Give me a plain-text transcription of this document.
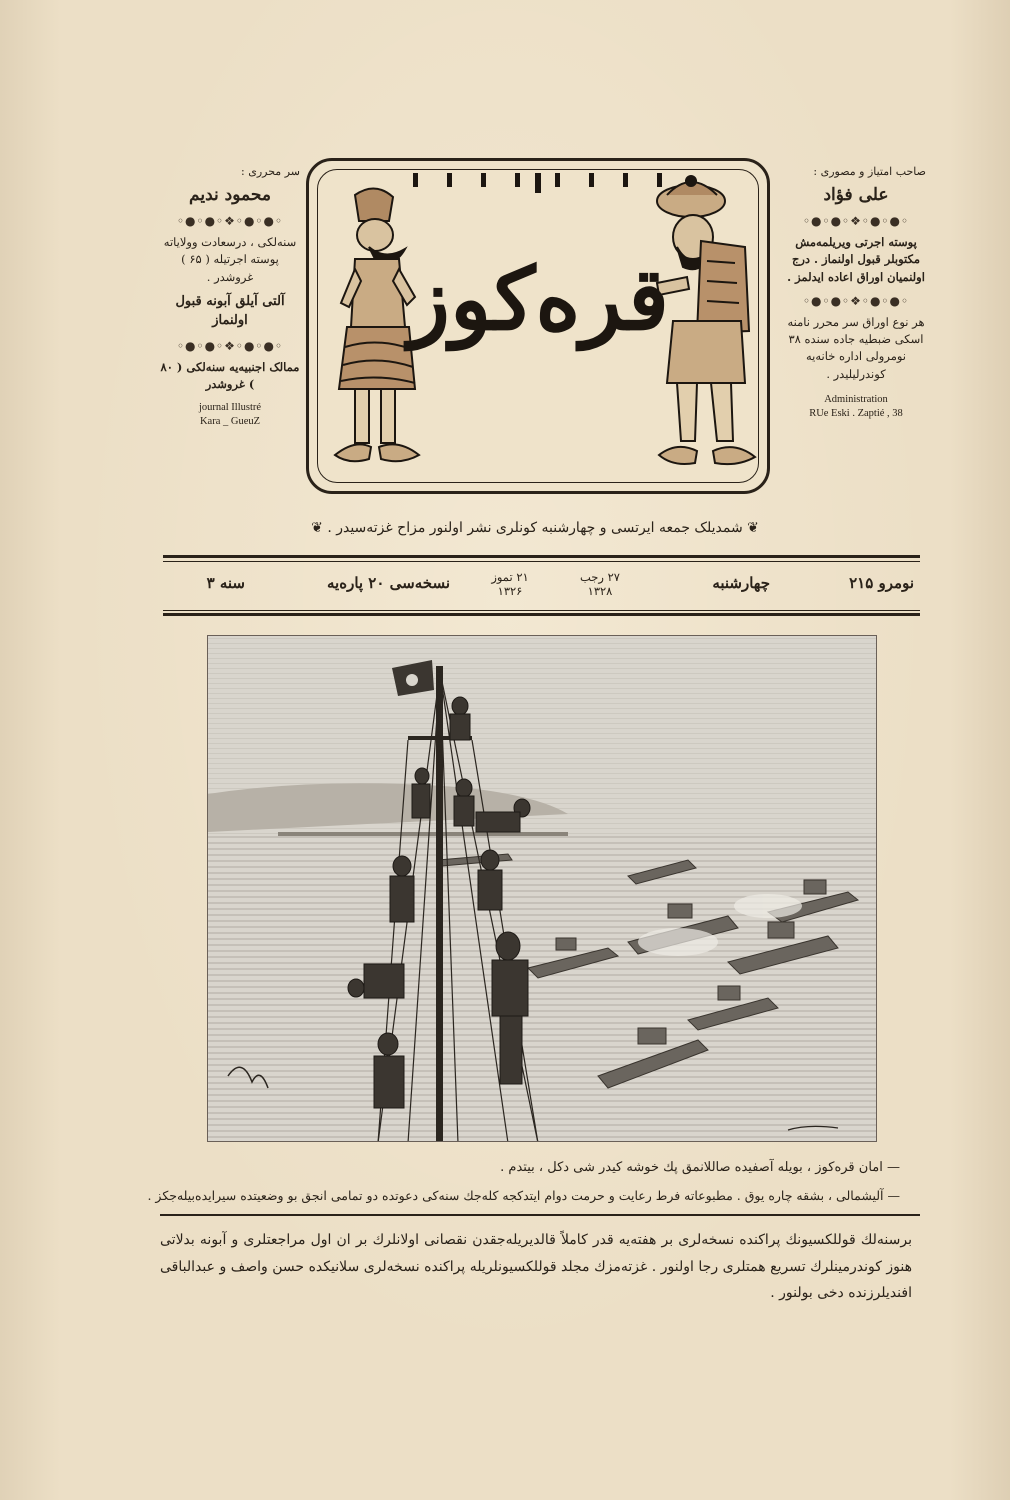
صاحب امتیاز و مصوری :
علی فؤاد
◦●◦●◦❖◦●◦●◦
پوسته اجرتی ویریلمه‌مش مکتوبلر قبول اولنماز . درج اولنمیان اوراق اعاده ایدلمز .
◦●◦●◦❖◦●◦●◦
هر نوع اوراق سر محرر نامنه اسکی ضبطیه جاده سنده ۳۸ نومرولی اداره خانه‌یه کوندرلیلیدر .
Administration
RUe Eski . Zaptié , 38
سر محرری :
محمود ندیم
◦●◦●◦❖◦●◦●◦
سنه‌لکی ، درسعادت وولایاته پوسته اجرتیله ( ۶۵ ) غروشدر .
آلتی آیلق آبونه قبول اولنماز
◦●◦●◦❖◦●◦●◦
ممالک اجنبیه‌یه سنه‌لکی ( ۸۰ ) غروشدر
journal Illustré
Kara _ GueuZ
قره‌کوز
❦ شمدیلک جمعه ایرتسی و چهارشنبه کونلری نشر اولنور مزاح غزته‌سیدر . ❦
نومرو ۲۱۵
چهارشنبه
۲۷ رجب ۱۳۲۸
۲۱ تموز ۱۳۲۶
نسخه‌سی ۲۰ پاره‌یه
سنه ۳
— امان قره‌کوز ، بویله آصفیده صاللانمق پك خوشه کیدر شی دکل ، بیتدم .
— آلیشمالی ، بشقه چاره یوق . مطبوعاته فرط رعایت و حرمت دوام ایتدکجه کله‌جك سنه‌کی دعوتده دو تمامی انجق بو وضعیتده سیرایده‌بیله‌جکز .
برسنه‌لك قوللكسیونك پراکنده نسخه‌لری بر هفته‌یه قدر کاملاً قالدیریله‌جقدن نقصانی اولانلرك بر ان اول مراجعتلری و آبونه بدلاتی هنوز کوندرمینلرك تسریع همتلری رجا اولنور . غزته‌مزك مجلد قوللکسیونلریله پراکنده نسخه‌لری سلانیکده حسن واصف و عبدالباقی افندیلرزنده دخی بولنور .
